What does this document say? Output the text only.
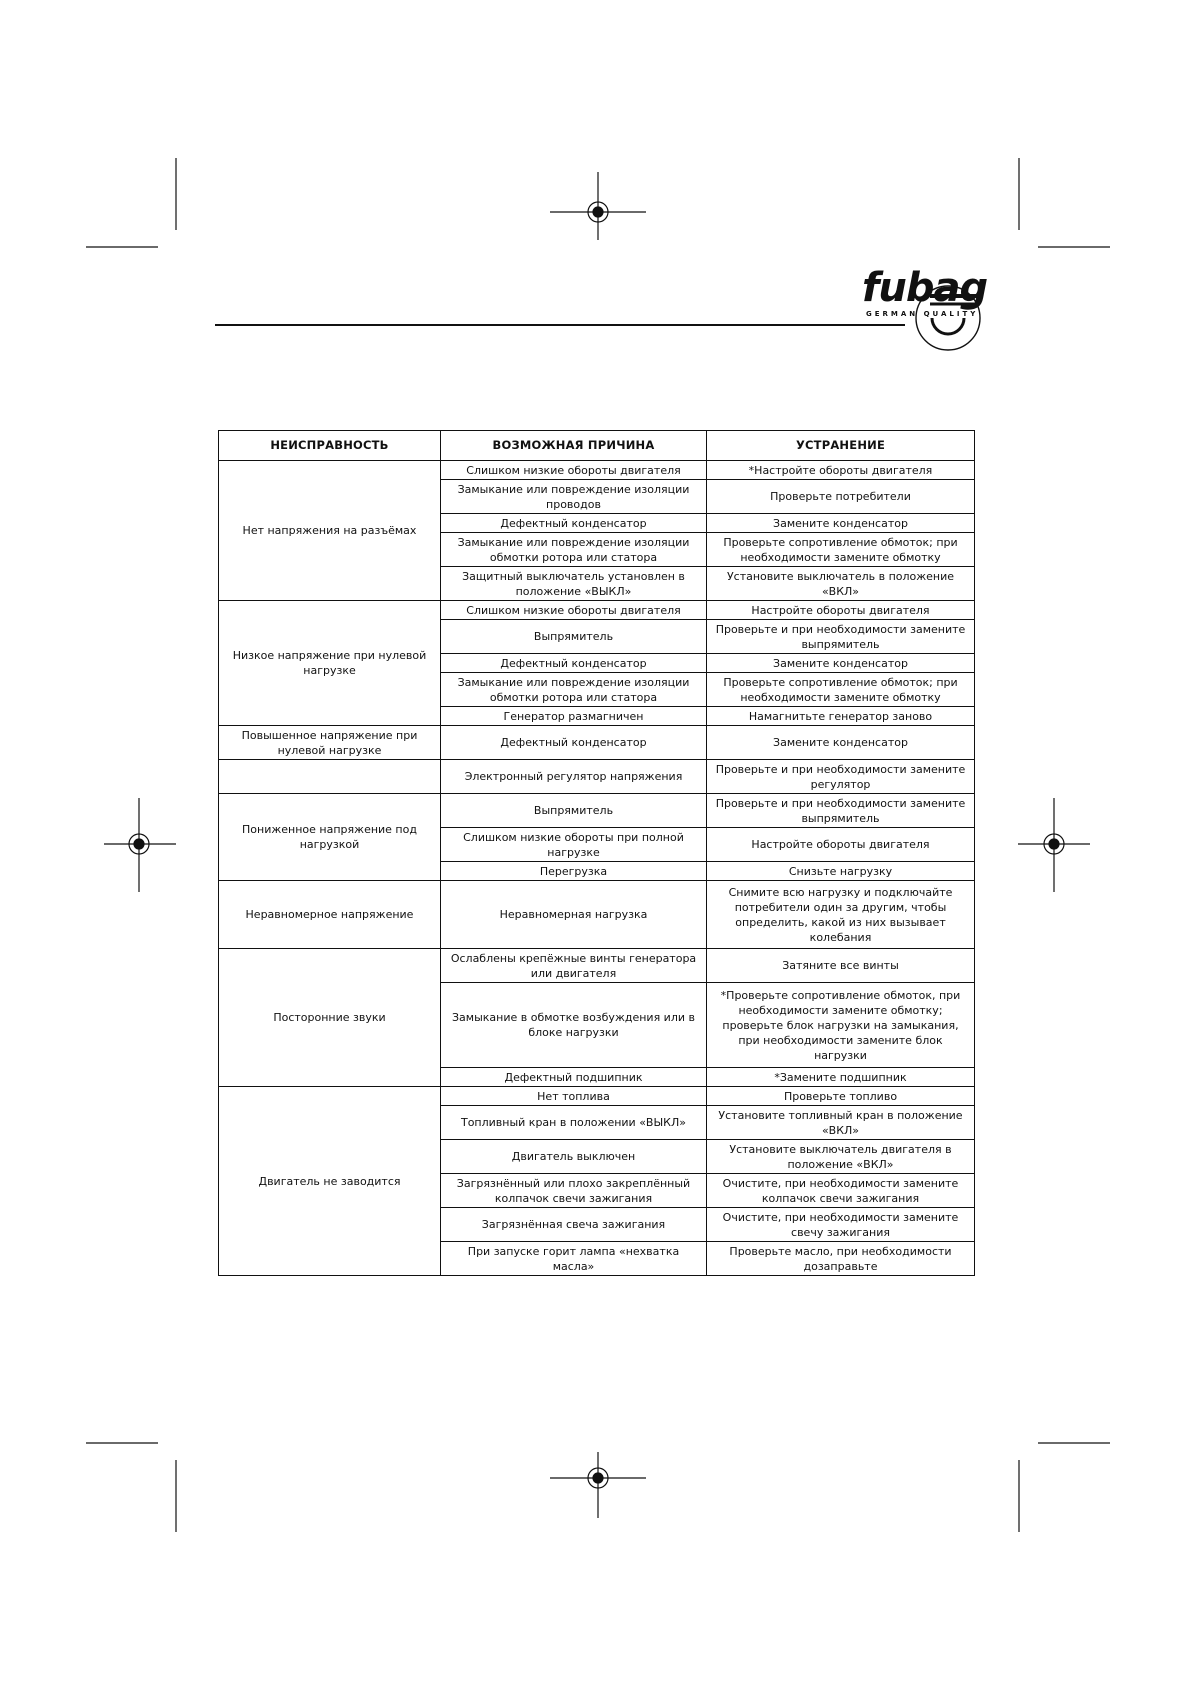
fubag
GERMAN QUALITY
НЕИСПРАВНОСТЬ	ВОЗМОЖНАЯ ПРИЧИНА	УСТРАНЕНИЕ
Нет напряжения на разъёмах	Слишком низкие обороты двигателя	*Настройте обороты двигателя
	Замыкание или повреждение изоляции проводов	Проверьте потребители
	Дефектный конденсатор	Замените конденсатор
	Замыкание или повреждение изоляции обмотки ротора или статора	Проверьте сопротивление обмоток; при необходимости замените обмотку
	Защитный выключатель установлен в положение «ВЫКЛ»	Установите выключатель в положение «ВКЛ»
Низкое напряжение при нулевой нагрузке	Слишком низкие обороты двигателя	Настройте обороты двигателя
	Выпрямитель	Проверьте и при необходимости замените выпрямитель
	Дефектный конденсатор	Замените конденсатор
	Замыкание или повреждение изоляции обмотки ротора или статора	Проверьте сопротивление обмоток; при необходимости замените обмотку
	Генератор размагничен	Намагнитьте генератор заново
Повышенное напряжение при нулевой нагрузке	Дефектный конденсатор	Замените конденсатор
	Электронный регулятор напряжения	Проверьте и при необходимости замените регулятор
Пониженное напряжение под нагрузкой	Выпрямитель	Проверьте и при необходимости замените выпрямитель
	Слишком низкие обороты при полной нагрузке	Настройте обороты двигателя
	Перегрузка	Снизьте нагрузку
Неравномерное напряжение	Неравномерная нагрузка	Снимите всю нагрузку и подключайте потребители один за другим, чтобы определить, какой из них вызывает колебания
Посторонние звуки	Ослаблены крепёжные винты генератора или двигателя	Затяните все винты
	Замыкание в обмотке возбуждения или в блоке нагрузки	*Проверьте сопротивление обмоток, при необходимости замените обмотку; проверьте блок нагрузки на замыкания, при необходимости замените блок нагрузки
	Дефектный подшипник	*Замените подшипник
Двигатель не заводится	Нет топлива	Проверьте топливо
	Топливный кран в положении «ВЫКЛ»	Установите топливный кран в положение «ВКЛ»
	Двигатель выключен	Установите выключатель двигателя в положение «ВКЛ»
	Загрязнённый или плохо закреплённый колпачок свечи зажигания	Очистите, при необходимости замените колпачок свечи зажигания
	Загрязнённая свеча зажигания	Очистите, при необходимости замените свечу зажигания
	При запуске горит лампа «нехватка масла»	Проверьте масло, при необходимости дозаправьте
